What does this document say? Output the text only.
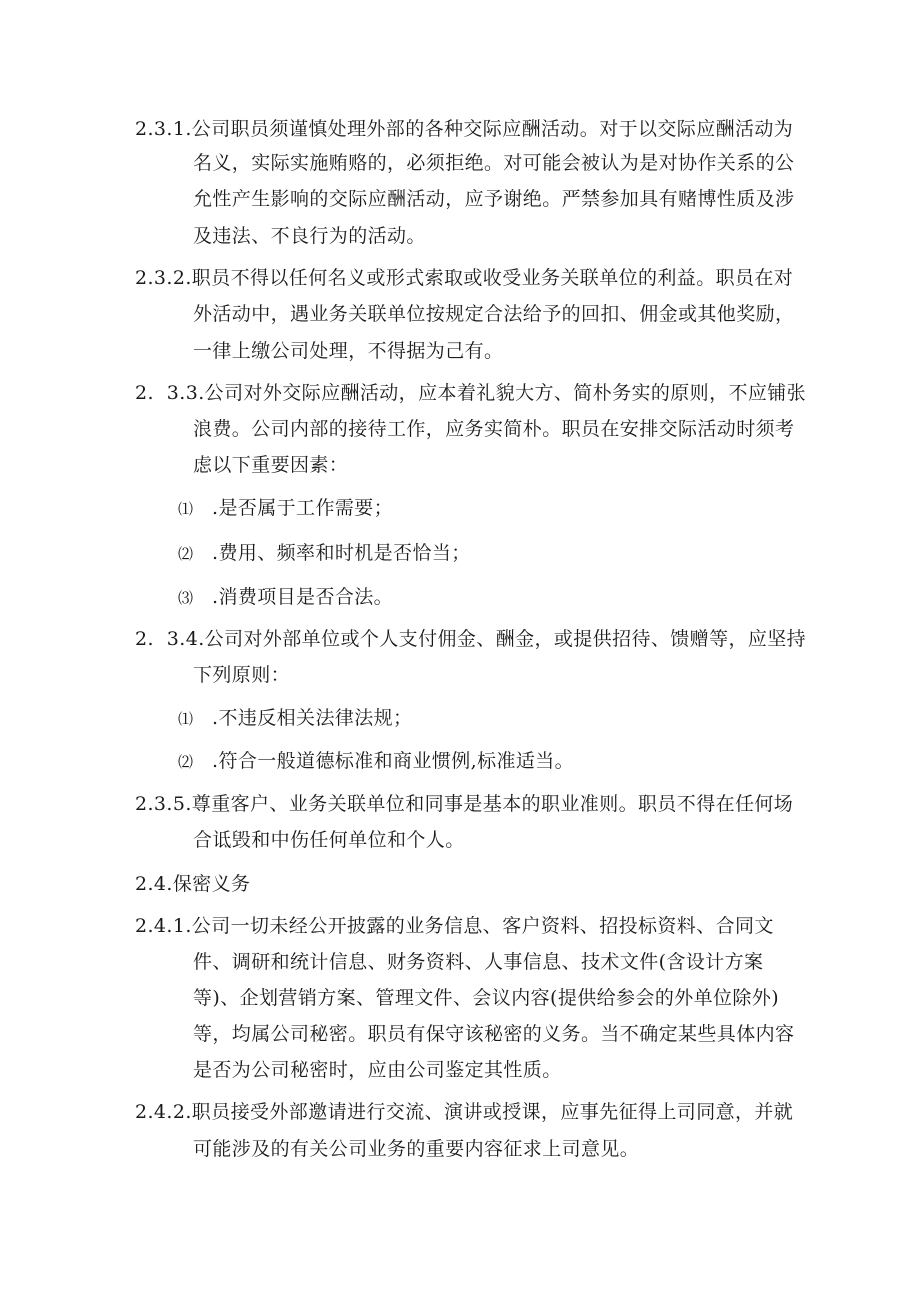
2.3.1.公司职员须谨慎处理外部的各种交际应酬活动。对于以交际应酬活动为
名义，实际实施贿赂的，必须拒绝。对可能会被认为是对协作关系的公
允性产生影响的交际应酬活动，应予谢绝。严禁参加具有赌博性质及涉
及违法、不良行为的活动。
2.3.2.职员不得以任何名义或形式索取或收受业务关联单位的利益。职员在对
外活动中，遇业务关联单位按规定合法给予的回扣、佣金或其他奖励，
一律上缴公司处理，不得据为己有。
2.  3.3.公司对外交际应酬活动，应本着礼貌大方、简朴务实的原则，不应铺张
浪费。公司内部的接待工作，应务实简朴。职员在安排交际活动时须考
虑以下重要因素：
⑴ .是否属于工作需要；
⑵ .费用、频率和时机是否恰当；
⑶ .消费项目是否合法。
2.  3.4.公司对外部单位或个人支付佣金、酬金，或提供招待、馈赠等，应坚持
下列原则：
⑴ .不违反相关法律法规；
⑵ .符合一般道德标准和商业惯例,标准适当。
2.3.5.尊重客户、业务关联单位和同事是基本的职业准则。职员不得在任何场
合诋毁和中伤任何单位和个人。
2.4.保密义务
2.4.1.公司一切未经公开披露的业务信息、客户资料、招投标资料、合同文
件、调研和统计信息、财务资料、人事信息、技术文件(含设计方案
等)、企划营销方案、管理文件、会议内容(提供给参会的外单位除外)
等，均属公司秘密。职员有保守该秘密的义务。当不确定某些具体内容
是否为公司秘密时，应由公司鉴定其性质。
2.4.2.职员接受外部邀请进行交流、演讲或授课，应事先征得上司同意，并就
可能涉及的有关公司业务的重要内容征求上司意见。
